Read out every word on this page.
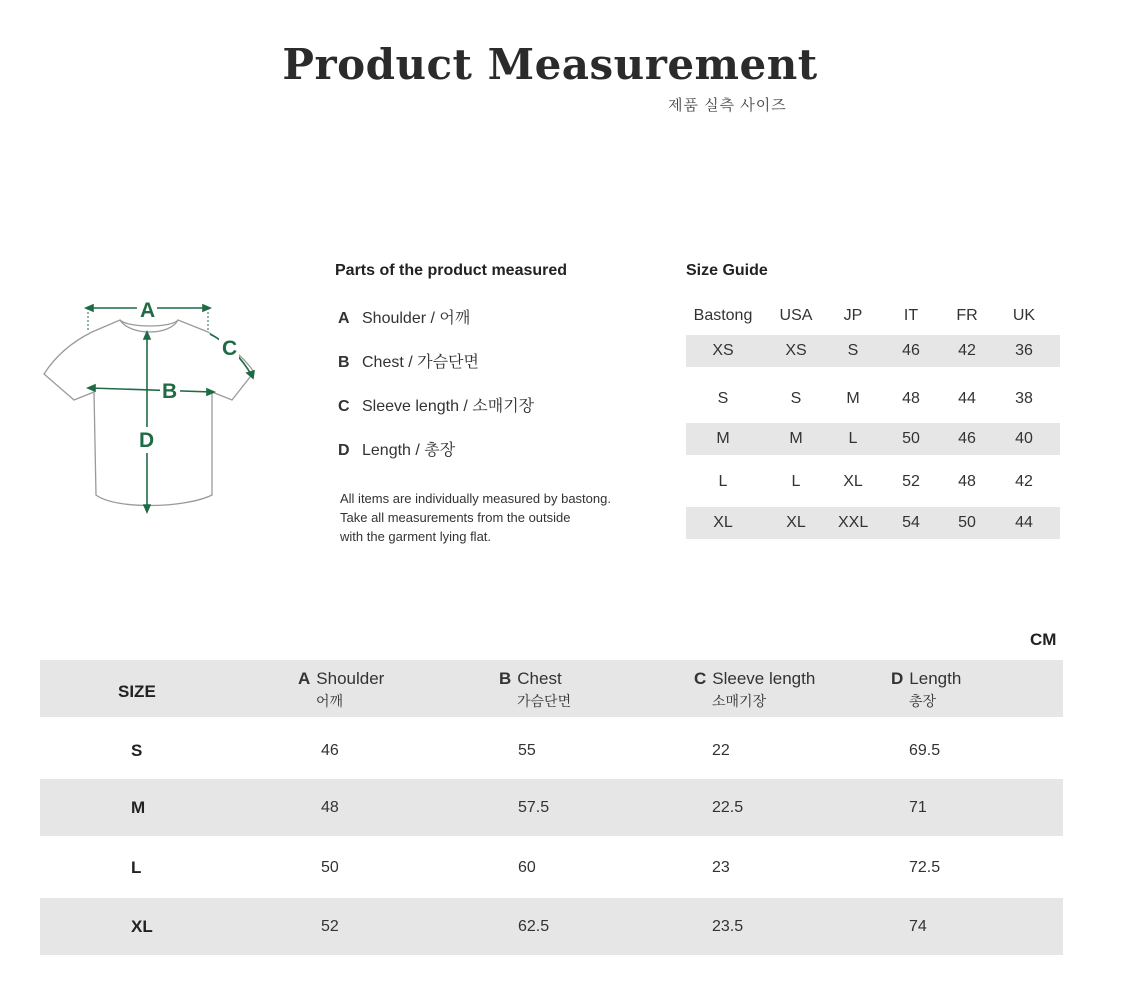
Product Measurement
제품 실측 사이즈
A
C
B
D
Parts of the product measured
A Shoulder / 어깨
B Chest / 가슴단면
C Sleeve length / 소매기장
D Length / 총장
All items are individually measured by bastong.
Take all measurements from the outside
with the garment lying flat.
Size Guide
Bastong	USA	JP	IT	FR	UK
XS	XS	S	46	42	36
S	S	M	48	44	38
M	M	L	50	46	40
L	L	XL	52	48	42
XL	XL	XXL	54	50	44
CM
SIZE
A Shoulder
어깨
B Chest
가슴단면
C Sleeve length
소매기장
D Length
총장
S	46	55	22	69.5
M	48	57.5	22.5	71
L	50	60	23	72.5
XL	52	62.5	23.5	74
